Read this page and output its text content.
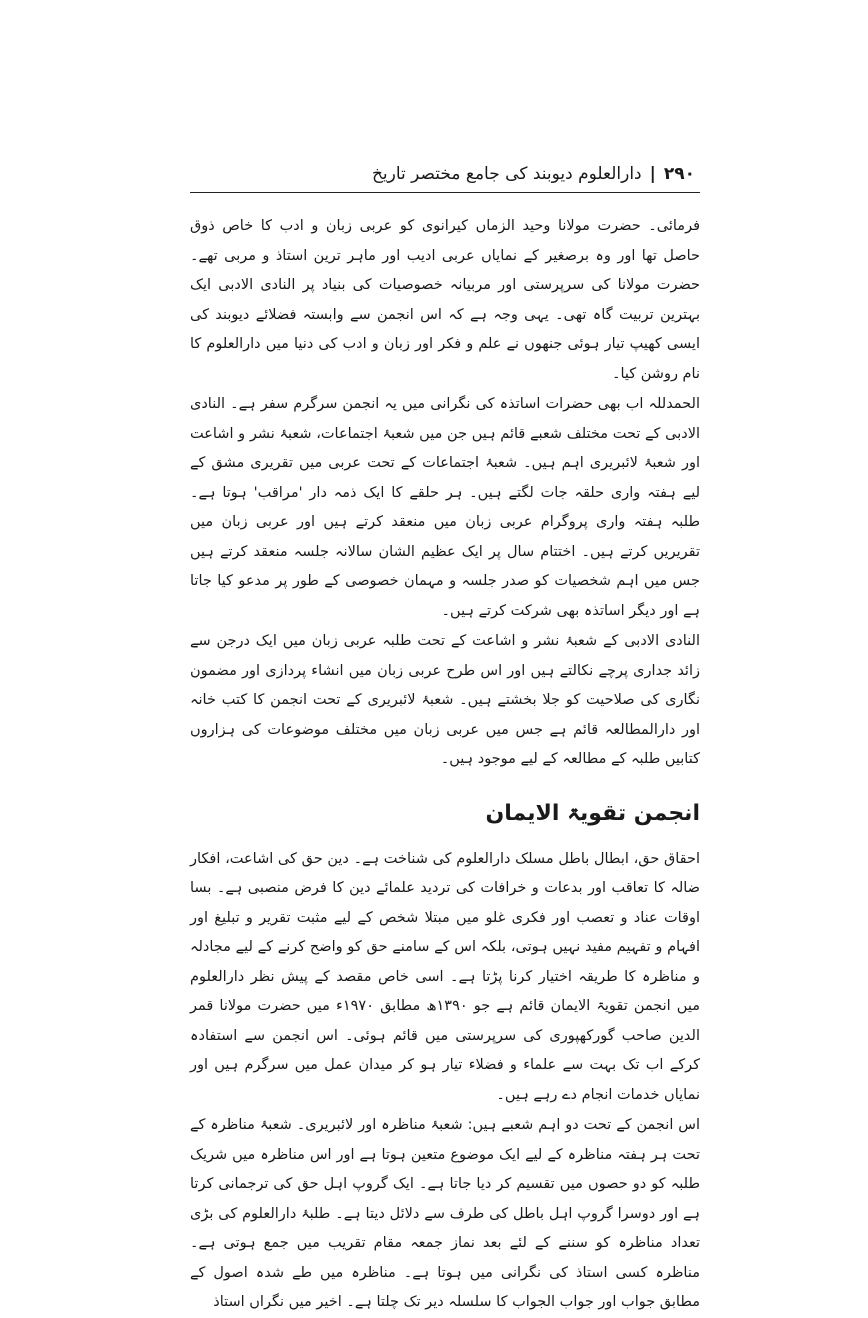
۲۹۰
|
دارالعلوم دیوبند کی جامع مختصر تاریخ

فرمائی۔ حضرت مولانا وحید الزماں کیرانوی کو عربی زبان و ادب کا خاص ذوق حاصل تھا اور وہ برصغیر کے نمایاں عربی ادیب اور ماہر ترین استاذ و مربی تھے۔ حضرت مولانا کی سرپرستی اور مربیانہ خصوصیات کی بنیاد پر النادی الادبی ایک بہترین تربیت گاہ تھی۔ یہی وجہ ہے کہ اس انجمن سے وابستہ فضلائے دیوبند کی ایسی کھیپ تیار ہوئی جنھوں نے علم و فکر اور زبان و ادب کی دنیا میں دارالعلوم کا نام روشن کیا۔

الحمدللہ اب بھی حضرات اساتذہ کی نگرانی میں یہ انجمن سرگرم سفر ہے۔ النادی الادبی کے تحت مختلف شعبے قائم ہیں جن میں شعبۂ اجتماعات، شعبۂ نشر و اشاعت اور شعبۂ لائبریری اہم ہیں۔ شعبۂ اجتماعات کے تحت عربی میں تقریری مشق کے لیے ہفتہ واری حلقہ جات لگتے ہیں۔ ہر حلقے کا ایک ذمہ دار 'مراقب' ہوتا ہے۔ طلبہ ہفتہ واری پروگرام عربی زبان میں منعقد کرتے ہیں اور عربی زبان میں تقریریں کرتے ہیں۔ اختتام سال پر ایک عظیم الشان سالانہ جلسہ منعقد کرتے ہیں جس میں اہم شخصیات کو صدر جلسہ و مہمان خصوصی کے طور پر مدعو کیا جاتا ہے اور دیگر اساتذہ بھی شرکت کرتے ہیں۔

النادی الادبی کے شعبۂ نشر و اشاعت کے تحت طلبہ عربی زبان میں ایک درجن سے زائد جداری پرچے نکالتے ہیں اور اس طرح عربی زبان میں انشاء پردازی اور مضمون نگاری کی صلاحیت کو جلا بخشتے ہیں۔ شعبۂ لائبریری کے تحت انجمن کا کتب خانہ اور دارالمطالعہ قائم ہے جس میں عربی زبان میں مختلف موضوعات کی ہزاروں کتابیں طلبہ کے مطالعہ کے لیے موجود ہیں۔

انجمن تقویۃ الایمان

احقاق حق، ابطال باطل مسلک دارالعلوم کی شناخت ہے۔ دین حق کی اشاعت، افکار ضالہ کا تعاقب اور بدعات و خرافات کی تردید علمائے دین کا فرض منصبی ہے۔ بسا اوقات عناد و تعصب اور فکری غلو میں مبتلا شخص کے لیے مثبت تقریر و تبلیغ اور افہام و تفہیم مفید نہیں ہوتی، بلکہ اس کے سامنے حق کو واضح کرنے کے لیے مجادلہ و مناظرہ کا طریقہ اختیار کرنا پڑتا ہے۔ اسی خاص مقصد کے پیش نظر دارالعلوم میں انجمن تقویۃ الایمان قائم ہے جو ۱۳۹۰ھ مطابق ۱۹۷۰ء میں حضرت مولانا قمر الدین صاحب گورکھپوری کی سرپرستی میں قائم ہوئی۔ اس انجمن سے استفادہ کرکے اب تک بہت سے علماء و فضلاء تیار ہو کر میدان عمل میں سرگرم ہیں اور نمایاں خدمات انجام دے رہے ہیں۔

اس انجمن کے تحت دو اہم شعبے ہیں: شعبۂ مناظرہ اور لائبریری۔ شعبۂ مناظرہ کے تحت ہر ہفتہ مناظرہ کے لیے ایک موضوع متعین ہوتا ہے اور اس مناظرہ میں شریک طلبہ کو دو حصوں میں تقسیم کر دیا جاتا ہے۔ ایک گروپ اہل حق کی ترجمانی کرتا ہے اور دوسرا گروپ اہل باطل کی طرف سے دلائل دیتا ہے۔ طلبۂ دارالعلوم کی بڑی تعداد مناظرہ کو سننے کے لئے بعد نماز جمعہ مقام تقریب میں جمع ہوتی ہے۔ مناظرہ کسی استاذ کی نگرانی میں ہوتا ہے۔ مناظرہ میں طے شدہ اصول کے مطابق جواب اور جواب الجواب کا سلسلہ دیر تک چلتا ہے۔ اخیر میں نگراں استاذ
